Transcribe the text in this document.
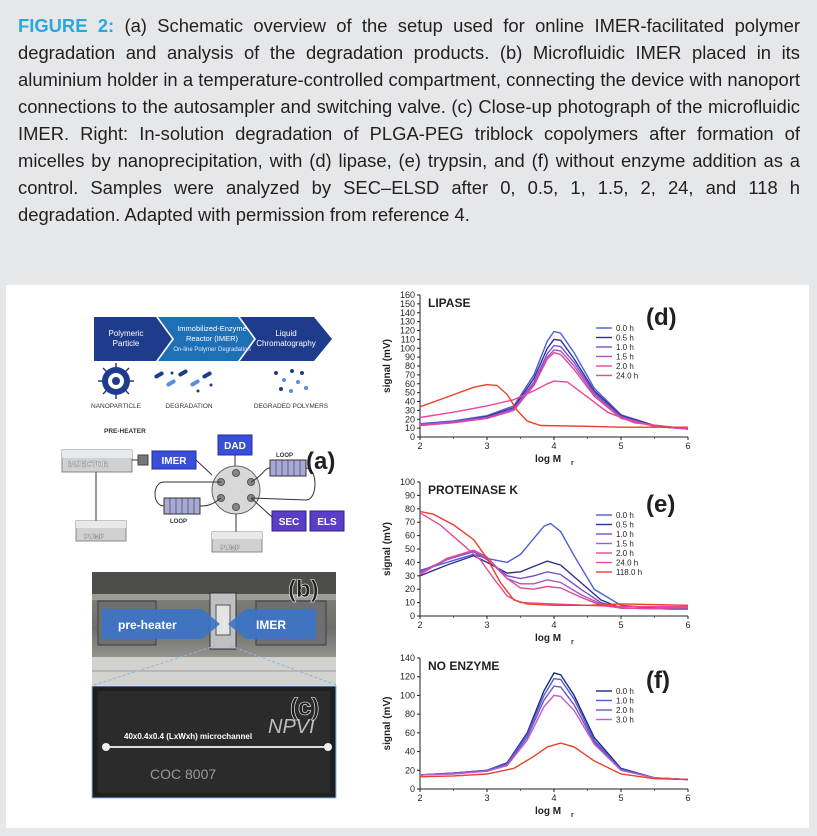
FIGURE 2: (a) Schematic overview of the setup used for online IMER-facilitated polymer degradation and analysis of the degradation products. (b) Microfluidic IMER placed in its aluminium holder in a temperature-controlled compartment, connecting the device with nanoport connections to the autosampler and switching valve. (c) Close-up photograph of the microfluidic IMER. Right: In-solution degradation of PLGA-PEG triblock copolymers after formation of micelles by nanoprecipitation, with (d) lipase, (e) trypsin, and (f) without enzyme addition as a control. Samples were analyzed by SEC–ELSD after 0, 0.5, 1, 1.5, 2, 24, and 118 h degradation. Adapted with permission from reference 4.
Polymeric
Particle
Immobilized-Enzyme
Reactor (IMER)
On-line Polymer Degradation
Liquid
Chromatography
NANOPARTICLE	DEGRADATION	DEGRADED POLYMERS
PRE-HEATER
INJECTOR	IMER
DAD
LOOP
LOOP	SEC ELS
PUMP
PUMP
(a)
pre-heater	IMER
(b)
40x0.4x0.4 (LxWxh) microchannel NPVI
COC 8007
(c)
0
10
20
30
40
50
60
70
80
90
100
110
120
130
140
150
160
2	3	4	5	6
log M r
signal (mV)
LIPASE
(d)
0.0 h
0.5 h
1.0 h
1.5 h
2.0 h
24.0 h
0
10
20
30
40
50
60
70
80
90
100
2	3	4	5	6
log M r
signal (mV)
PROTEINASE K
(e)
0.0 h
0.5 h
1.0 h
1.5 h
2.0 h
24.0 h
118.0 h
0
20
40
60
80
100
120
140
2	3	4	5	6
log M r
signal (mV)
NO ENZYME
(f)
0.0 h
1.0 h
2.0 h
3.0 h
